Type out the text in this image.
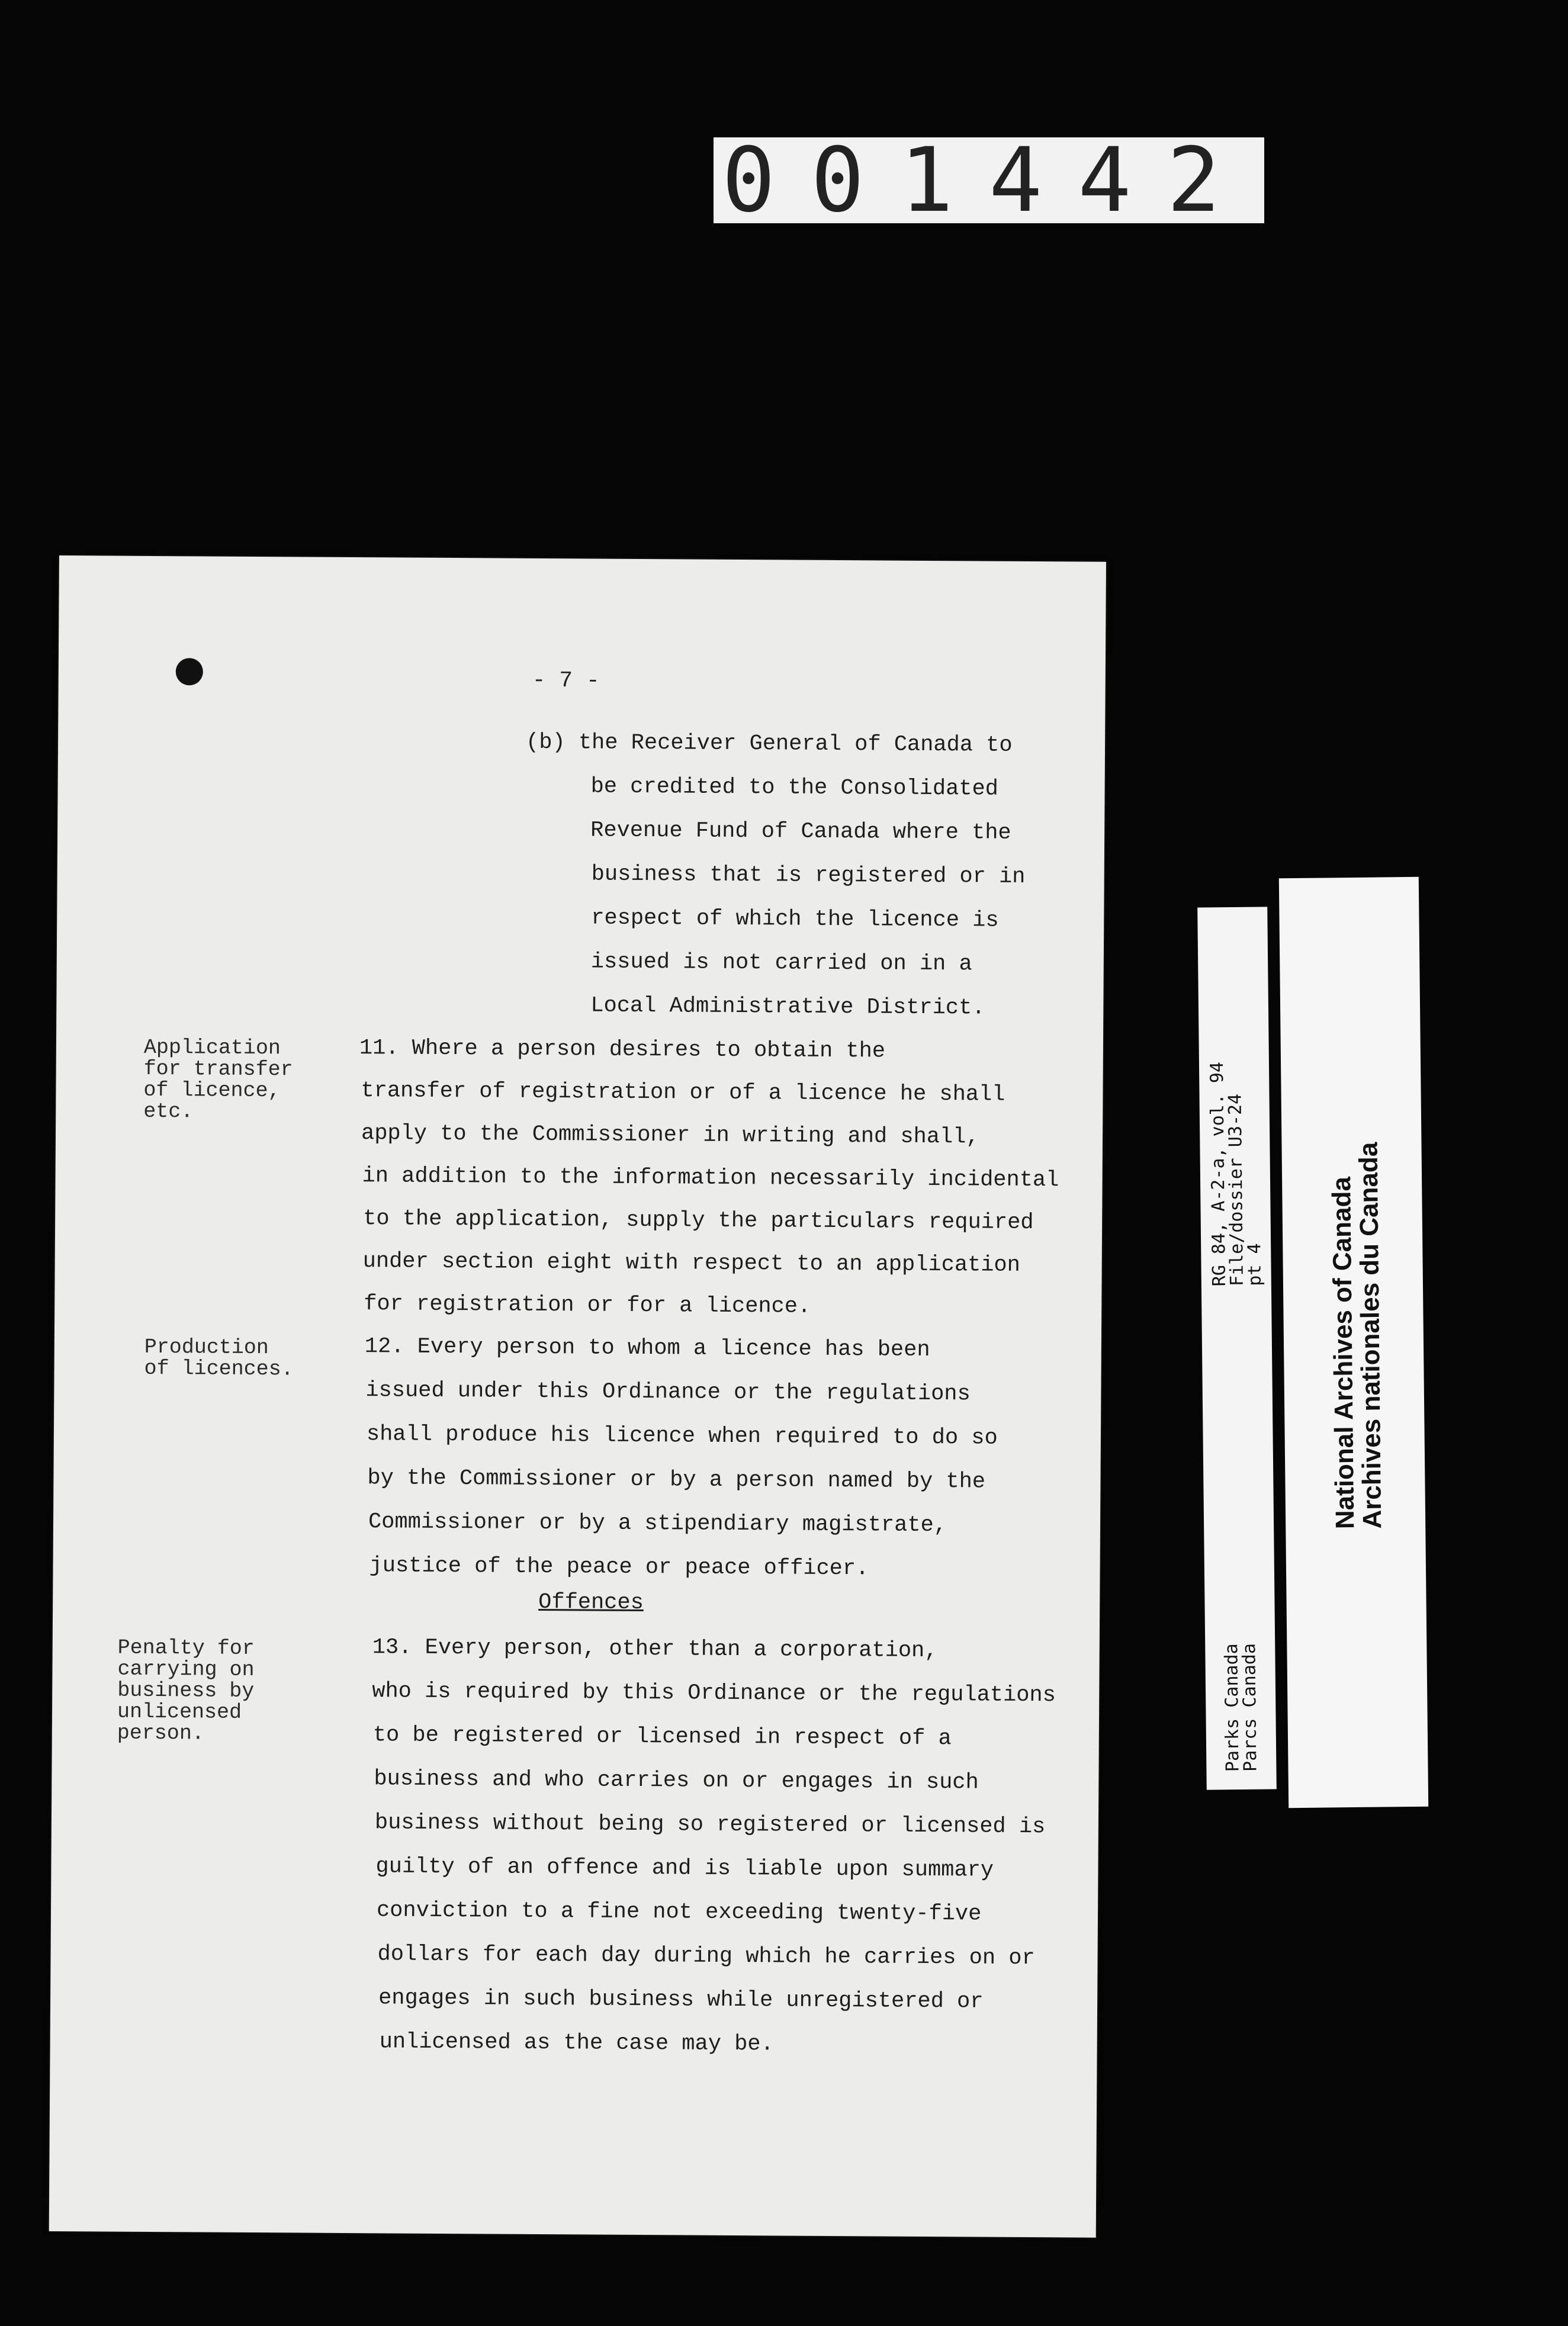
001442
- 7 -
(b) the Receiver General of Canada to
be credited to the Consolidated
Revenue Fund of Canada where the
business that is registered or in
respect of which the licence is
issued is not carried on in a
Local Administrative District.
Application
for transfer
of licence,
etc.
11. Where a person desires to obtain the
transfer of registration or of a licence he shall
apply to the Commissioner in writing and shall,
in addition to the information necessarily incidental
to the application, supply the particulars required
under section eight with respect to an application
for registration or for a licence.
Production
of licences.
12. Every person to whom a licence has been
issued under this Ordinance or the regulations
shall produce his licence when required to do so
by the Commissioner or by a person named by the
Commissioner or by a stipendiary magistrate,
justice of the peace or peace officer.
Offences
Penalty for
carrying on
business by
unlicensed
person.
13. Every person, other than a corporation,
who is required by this Ordinance or the regulations
to be registered or licensed in respect of a
business and who carries on or engages in such
business without being so registered or licensed is
guilty of an offence and is liable upon summary
conviction to a fine not exceeding twenty-five
dollars for each day during which he carries on or
engages in such business while unregistered or
unlicensed as the case may be.
RG 84, A-2-a, vol. 94
File/dossier U3-24
pt 4
Parks Canada
Parcs Canada
National Archives of Canada
Archives nationales du Canada
